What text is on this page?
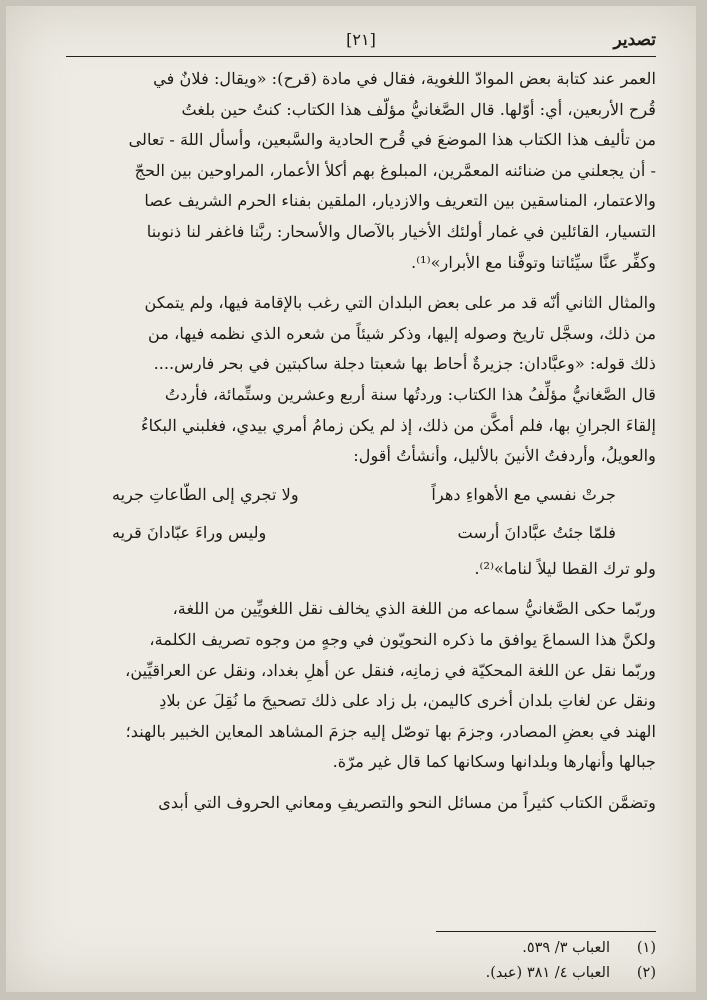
تصدير
[٢١]

العمر عند كتابة بعض الموادّ اللغوية، فقال في مادة (قرح): «ويقال: فلانٌ في
قُرح الأربعين، أي: أوّلها. قال الصَّغانيُّ مؤلّف هذا الكتاب: كنتُ حين بلغتُ
من تأليف هذا الكتاب هذا الموضعَ في قُرح الحادية والسَّبعين، وأسأل اللهَ - تعالى
- أن يجعلني من ضنائنه المعمَّرين، المبلوغ بهم أكلأ الأعمار، المراوحين بين الحجّ
والاعتمار، المناسقين بين التعريف والازديار، الملقين بفناء الحرم الشريف عصا
التسيار، القائلين في غمار أولئك الأخيار بالآصال والأسحار: ربَّنا فاغفر لنا ذنوبنا
وكفِّر عنَّا سيِّئاتنا وتوفَّنا مع الأبرار»⁽¹⁾.

والمثال الثاني أنّه قد مر على بعض البلدان التي رغب بالإقامة فيها، ولم يتمكن
من ذلك، وسجَّل تاريخ وصوله إليها، وذكر شيئاً من شعره الذي نظمه فيها، من
ذلك قوله: «وعبَّادان: جزيرةٌ أحاط بها شعبتا دجلة ساكبتين في بحر فارس....
قال الصَّغانيُّ مؤلِّفُ هذا الكتاب: وردتُها سنة أربع وعشرين وستِّمائة، فأردتُ
إلقاءَ الجرانِ بها، فلم أمكَّن من ذلك، إذ لم يكن زمامُ أمري بيدي، فغلبني البكاءُ
والعويلُ، وأردفتُ الأنينَ بالأليل، وأنشأتُ أقول:

جرتْ نفسي مع الأهواءِ دهراً
ولا تجري إلى الطّاعاتِ جريه
فلمّا جئتُ عبَّادانَ أرست
وليس وراءَ عبّادانَ قريه
ولو ترك القطا ليلاً لناما»⁽²⁾.

وربّما حكى الصَّغانيُّ سماعه من اللغة الذي يخالف نقل اللغويِّين من اللغة،
ولكنَّ هذا السماعَ يوافق ما ذكره النحويّون في وجهٍ من وجوه تصريف الكلمة،
وربّما نقل عن اللغة المحكيّة في زمانِه، فنقل عن أهلِ بغداد، ونقل عن العراقيِّين،
ونقل عن لغاتِ بلدان أخرى كاليمن، بل زاد على ذلك تصحيحَ ما نُقِلَ عن بلادِ
الهند في بعضِ المصادر، وجزمَ بها توصّل إليه جزمَ المشاهد المعاين الخبير بالهند؛
جبالها وأنهارها وبلدانها وسكانها كما قال غير مرّة.

وتضمَّن الكتاب كثيراً من مسائل النحو والتصريفِ ومعاني الحروف التي أبدى

(١)
العباب ٣/ ٥٣٩.
(٢)
العباب ٤/ ٣٨١ (عبد).
